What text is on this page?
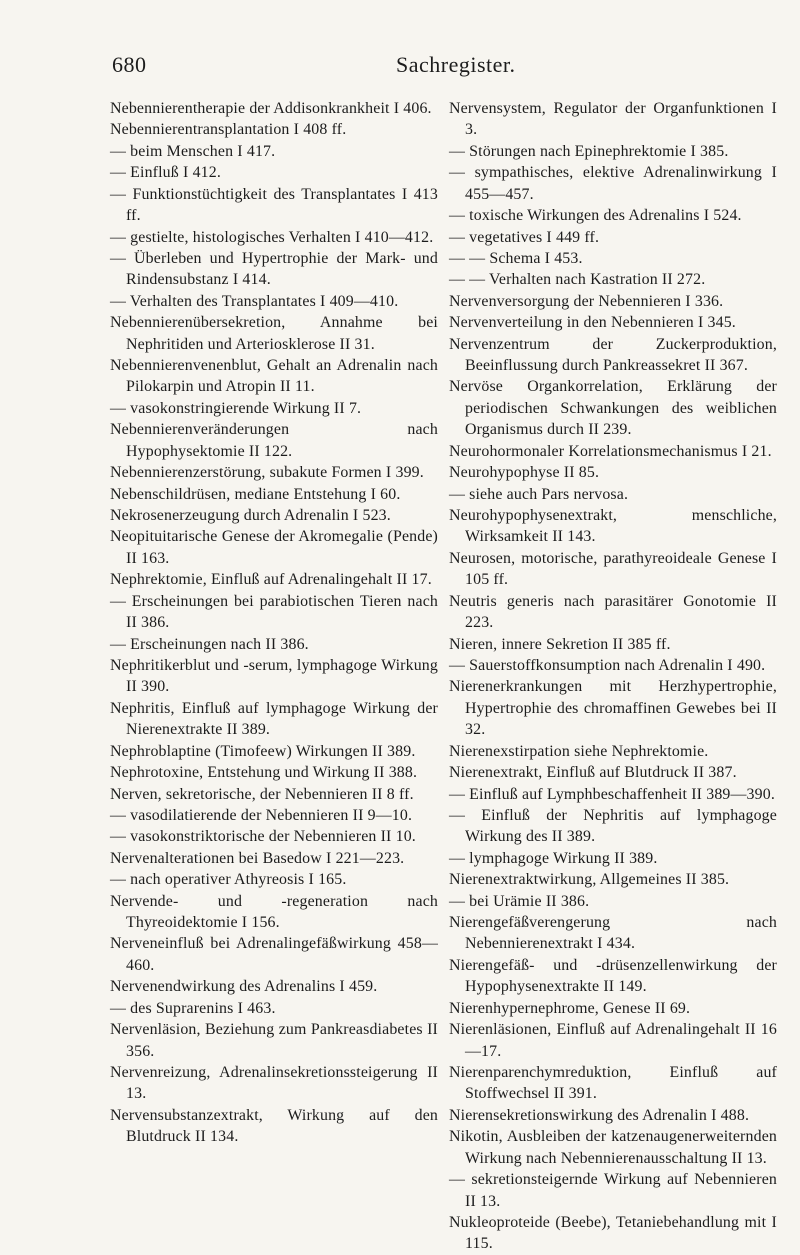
680	Sachregister.

Nebennierentherapie der Addisonkrankheit I 406.

Nebennierentransplantation I 408 ff.

— beim Menschen I 417.

— Einfluß I 412.

— Funktionstüchtigkeit des Transplantates I 413 ff.

— gestielte, histologisches Verhalten I 410—412.

— Überleben und Hypertrophie der Mark- und Rindensubstanz I 414.

— Verhalten des Transplantates I 409—410.

Nebennierenübersekretion, Annahme bei Nephritiden und Arteriosklerose II 31.

Nebennierenvenenblut, Gehalt an Adrenalin nach Pilokarpin und Atropin II 11.

— vasokonstringierende Wirkung II 7.

Nebennierenveränderungen nach Hypophysektomie II 122.

Nebennierenzerstörung, subakute Formen I 399.

Nebenschildrüsen, mediane Entstehung I 60.

Nekrosenerzeugung durch Adrenalin I 523.

Neopituitarische Genese der Akromegalie (Pende) II 163.

Nephrektomie, Einfluß auf Adrenalingehalt II 17.

— Erscheinungen bei parabiotischen Tieren nach II 386.

— Erscheinungen nach II 386.

Nephritikerblut und -serum, lymphagoge Wirkung II 390.

Nephritis, Einfluß auf lymphagoge Wirkung der Nierenextrakte II 389.

Nephroblaptine (Timofeew) Wirkungen II 389.

Nephrotoxine, Entstehung und Wirkung II 388.

Nerven, sekretorische, der Nebennieren II 8 ff.

— vasodilatierende der Nebennieren II 9—10.

— vasokonstriktorische der Nebennieren II 10.

Nervenalterationen bei Basedow I 221—223.

— nach operativer Athyreosis I 165.

Nervende- und -regeneration nach Thyreoidektomie I 156.

Nerveneinfluß bei Adrenalingefäßwirkung 458—460.

Nervenendwirkung des Adrenalins I 459.

— des Suprarenins I 463.

Nervenläsion, Beziehung zum Pankreasdiabetes II 356.

Nervenreizung, Adrenalinsekretionssteigerung II 13.

Nervensubstanzextrakt, Wirkung auf den Blutdruck II 134.

Nervensystem, Regulator der Organfunktionen I 3.

— Störungen nach Epinephrektomie I 385.

— sympathisches, elektive Adrenalinwirkung I 455—457.

— toxische Wirkungen des Adrenalins I 524.

— vegetatives I 449 ff.

— — Schema I 453.

— — Verhalten nach Kastration II 272.

Nervenversorgung der Nebennieren I 336.

Nervenverteilung in den Nebennieren I 345.

Nervenzentrum der Zuckerproduktion, Beeinflussung durch Pankreassekret II 367.

Nervöse Organkorrelation, Erklärung der periodischen Schwankungen des weiblichen Organismus durch II 239.

Neurohormonaler Korrelationsmechanismus I 21.

Neurohypophyse II 85.

— siehe auch Pars nervosa.

Neurohypophysenextrakt, menschliche, Wirksamkeit II 143.

Neurosen, motorische, parathyreoideale Genese I 105 ff.

Neutris generis nach parasitärer Gonotomie II 223.

Nieren, innere Sekretion II 385 ff.

— Sauerstoffkonsumption nach Adrenalin I 490.

Nierenerkrankungen mit Herzhypertrophie, Hypertrophie des chromaffinen Gewebes bei II 32.

Nierenexstirpation siehe Nephrektomie.

Nierenextrakt, Einfluß auf Blutdruck II 387.

— Einfluß auf Lymphbeschaffenheit II 389—390.

— Einfluß der Nephritis auf lymphagoge Wirkung des II 389.

— lymphagoge Wirkung II 389.

Nierenextraktwirkung, Allgemeines II 385.

— bei Urämie II 386.

Nierengefäßverengerung nach Nebennierenextrakt I 434.

Nierengefäß- und -drüsenzellenwirkung der Hypophysenextrakte II 149.

Nierenhypernephrome, Genese II 69.

Nierenläsionen, Einfluß auf Adrenalingehalt II 16—17.

Nierenparenchymreduktion, Einfluß auf Stoffwechsel II 391.

Nierensekretionswirkung des Adrenalin I 488.

Nikotin, Ausbleiben der katzenaugenerweiternden Wirkung nach Nebennierenausschaltung II 13.

— sekretionsteigernde Wirkung auf Nebennieren II 13.

Nukleoproteide (Beebe), Tetaniebehandlung mit I 115.
